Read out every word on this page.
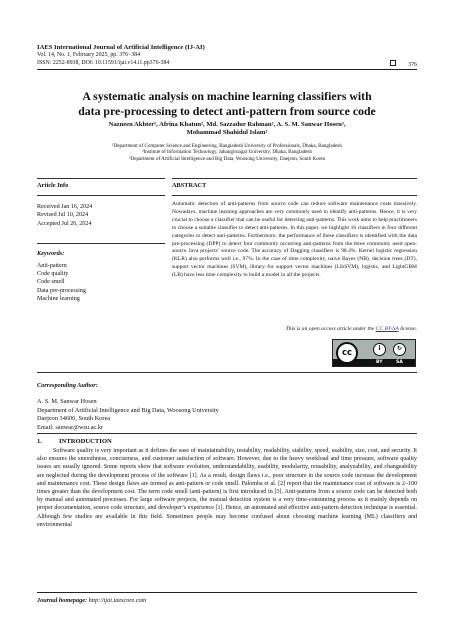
IAES International Journal of Artificial Intelligence (IJ-AI)
Vol. 14, No. 1, February 2025, pp. 376~384
ISSN: 2252-8938, DOI: 10.11591/ijai.v14.i1.pp376-384	376
A systematic analysis on machine learning classifiers with
data pre-processing to detect anti-pattern from source code
Nazneen Akhter¹, Afrina Khatun², Md. Sazzadur Rahman², A. S. M. Sanwar Hosen³,
Mohammad Shahidul Islam²
¹Department of Computer Science and Engineering, Bangladesh University of Professionals, Dhaka, Bangladesh
²Institute of Information Technology, Jahangirnagar University, Dhaka, Bangladesh
³Department of Artificial Intelligence and Big Data, Woosong University, Daejeon, South Korea
Article Info	ABSTRACT
Received Jan 16, 2024
Revised Jul 10, 2024
Accepted Jul 26, 2024
Keywords:
Anti-pattern
Code quality
Code smell
Data pre-processing
Machine learning
Automatic detection of anti-patterns from source code can reduce software maintenance costs massively. Nowadays, machine learning approaches are very commonly used to identify anti-patterns. Hence, it is very crucial to choose a classifier that can be useful for detecting anti-patterns. This work aims to help practitioners to choose a suitable classifier to detect anti-patterns. In this paper, we highlight 16 classifiers in four different categories to detect anti-patterns. Furthermore, the performance of these classifiers is identified with the data pre-processing (DPP) to detect four commonly occurring anti-patterns from the three commonly used open-source Java projects’ source code. The accuracy of Dagging classifiers is 98.4%. Kernel logistic regression (KLR) also performs well i.e., 97%. In the case of time complexity, naive Bayes (NB), decision trees (DT), support vector machines (SVM), library for support vector machines (LibSVM), logistic, and LightGBM (LB) have less time complexity to build a model in all the projects.
This is an open access article under the CC BY-SA license.
cc	i	↻
BY	SA
Corresponding Author:
A. S. M. Sanwar Hosen
Department of Artificial Intelligence and Big Data, Woosong University
Daejeon 34606, South Korea
Email: sanwar@wsu.ac.kr
1.	INTRODUCTION

Software quality is very important as it defines the ease of maintainability, testability, readability, stability, speed, usability, size, cost, and security. It also ensures the smoothness, conciseness, and customer satisfaction of software. However, due to the heavy workload and time pressure, software quality issues are usually ignored. Some reports show that software evolution, understandability, usability, modularity, reusability, analyzability, and changeability are neglected during the development process of the software [1]. As a result, design flaws i.e., poor structure in the source code increase the development and maintenance cost. These design flaws are termed as anti-pattern or code smell. Palomba et al. [2] report that the maintenance cost of software is 2–100 times greater than the development cost. The term code smell (anti-pattern) is first introduced in [3]. Anti-patterns from a source code can be detected both by manual and automated processes. For large software projects, the manual detection system is a very time-consuming process as it mainly depends on proper documentation, source code structure, and developer’s experience [1]. Hence, an automated and effective anti-pattern detection technique is essential. Although few studies are available in this field. Sometimes people may become confused about choosing machine learning (ML) classifiers and environmental

Journal homepage: http://ijai.iaescore.com
